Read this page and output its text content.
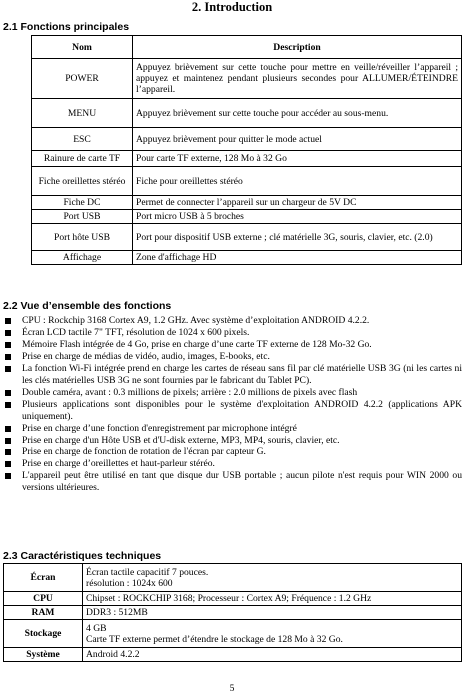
2. Introduction
2.1 Fonctions principales
Nom	Description
POWER	Appuyez brièvement sur cette touche pour mettre en veille/réveiller l’appareil ; appuyez et maintenez pendant plusieurs secondes pour ALLUMER/ÉTEINDRE l’appareil.
MENU	Appuyez brièvement sur cette touche pour accéder au sous-menu.
ESC	Appuyez brièvement pour quitter le mode actuel
Rainure de carte TF	Pour carte TF externe, 128 Mo à 32 Go
Fiche oreillettes stéréo	Fiche pour oreillettes stéréo
Fiche DC	Permet de connecter l’appareil sur un chargeur de 5V DC
Port USB	Port micro USB à 5 broches
Port hôte USB	Port pour dispositif USB externe ; clé matérielle 3G, souris, clavier, etc. (2.0)
Affichage	Zone d'affichage HD
2.2 Vue d’ensemble des fonctions
CPU : Rockchip 3168 Cortex A9, 1.2 GHz. Avec système d’exploitation ANDROID 4.2.2.
Écran LCD tactile 7" TFT, résolution de 1024 x 600 pixels.
Mémoire Flash intégrée de 4 Go, prise en charge d’une carte TF externe de 128 Mo-32 Go.
Prise en charge de médias de vidéo, audio, images, E-books, etc.
La fonction Wi-Fi intégrée prend en charge les cartes de réseau sans fil par clé matérielle USB 3G (ni les cartes ni les clés matérielles USB 3G ne sont fournies par le fabricant du Tablet PC).
Double caméra, avant : 0.3 millions de pixels; arrière : 2.0 millions de pixels avec flash
Plusieurs applications sont disponibles pour le système d'exploitation ANDROID 4.2.2 (applications APK uniquement).
Prise en charge d’une fonction d'enregistrement par microphone intégré
Prise en charge d'un Hôte USB et d'U-disk externe, MP3, MP4, souris, clavier, etc.
Prise en charge de fonction de rotation de l'écran par capteur G.
Prise en charge d’oreillettes et haut-parleur stéréo.
L'appareil peut être utilisé en tant que disque dur USB portable ; aucun pilote n'est requis pour WIN 2000 ou versions ultérieures.
2.3 Caractéristiques techniques
Écran	Écran tactile capacitif 7 pouces.
résolution : 1024x 600

CPU	Chipset : ROCKCHIP 3168; Processeur : Cortex A9; Fréquence : 1.2 GHz

RAM	DDR3 : 512MB

Stockage	4 GB
Carte TF externe permet d’étendre le stockage de 128 Mo à 32 Go.

Système	Android 4.2.2
5
